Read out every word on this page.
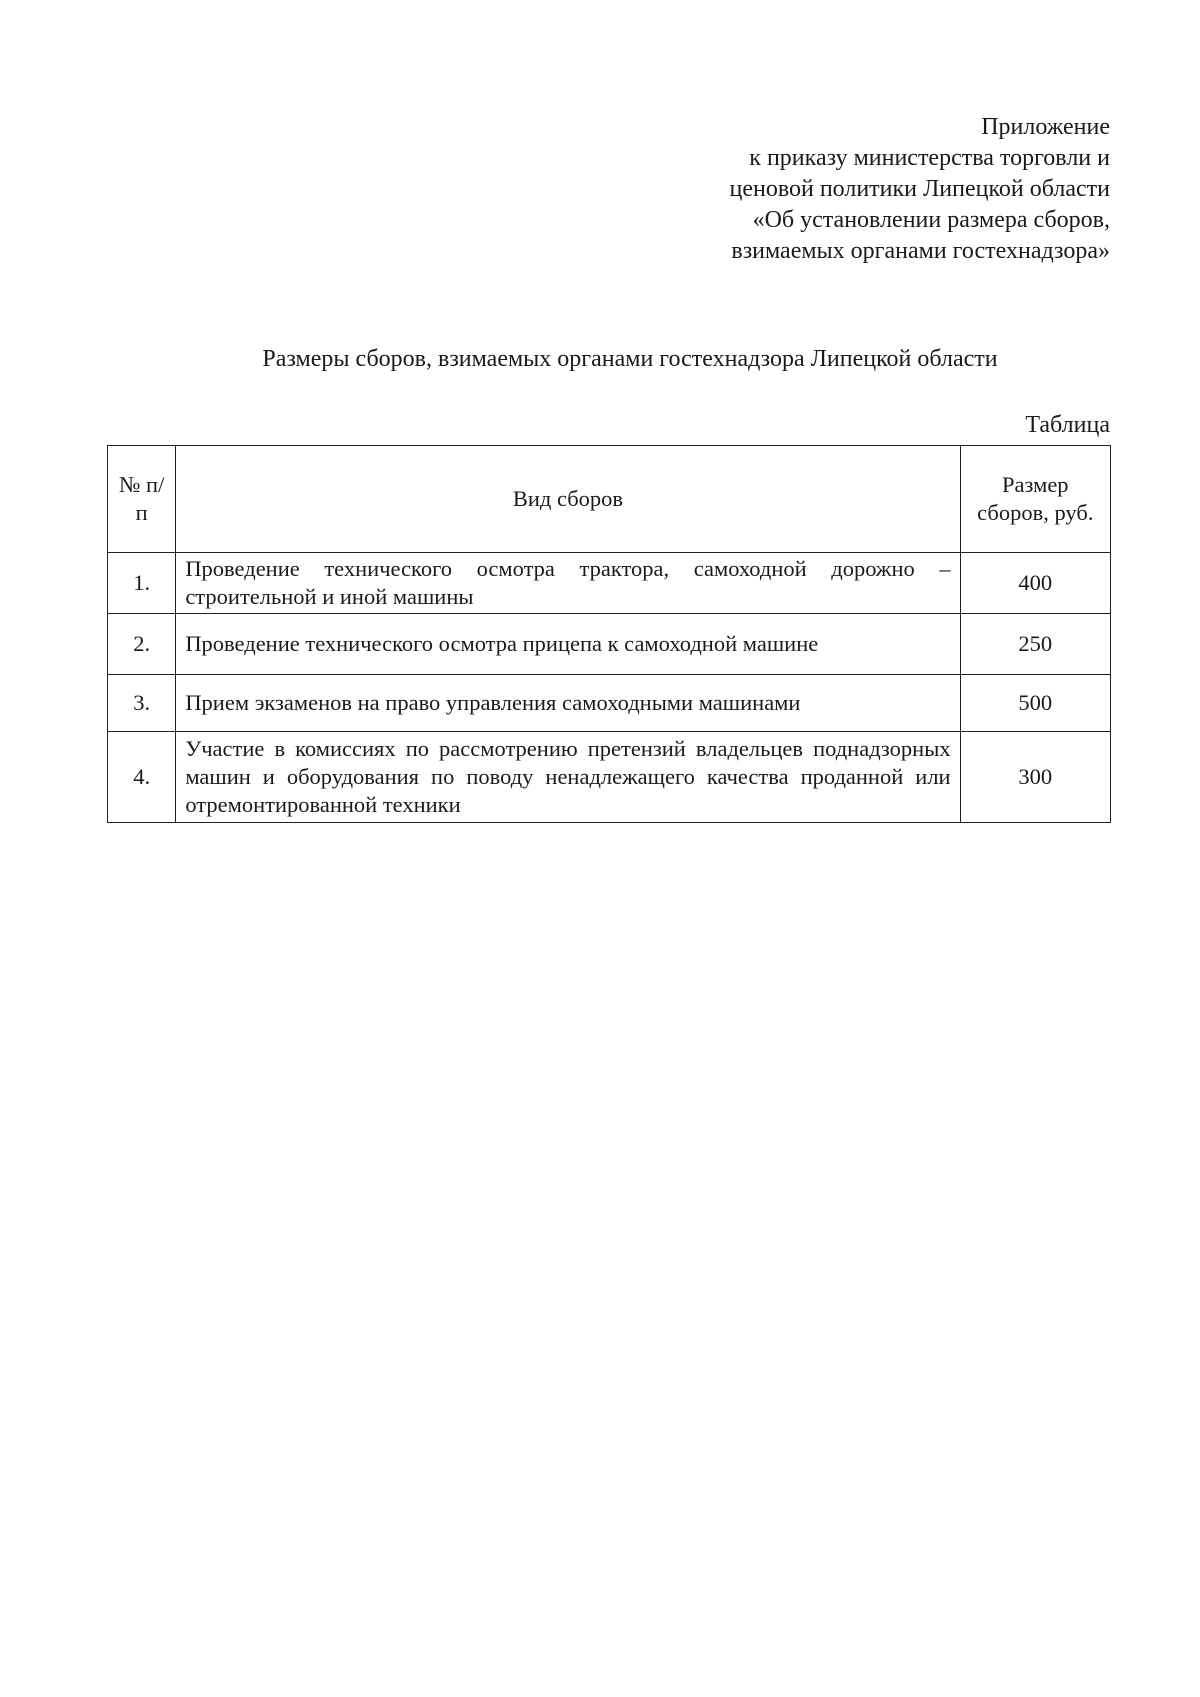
Приложение
к приказу министерства торговли и
ценовой политики Липецкой области
«Об установлении размера сборов,
взимаемых органами гостехнадзора»
Размеры сборов, взимаемых органами гостехнадзора Липецкой области
Таблица
№ п/п	Вид сборов	Размер сборов, руб.
1.	Проведение технического осмотра трактора, самоходной дорожно – строительной и иной машины	400
2.	Проведение технического осмотра прицепа к самоходной машине	250
3.	Прием экзаменов на право управления самоходными машинами	500
4.	Участие в комиссиях по рассмотрению претензий владельцев поднадзорных машин и оборудования по поводу ненадлежащего качества проданной или отремонтированной техники	300
